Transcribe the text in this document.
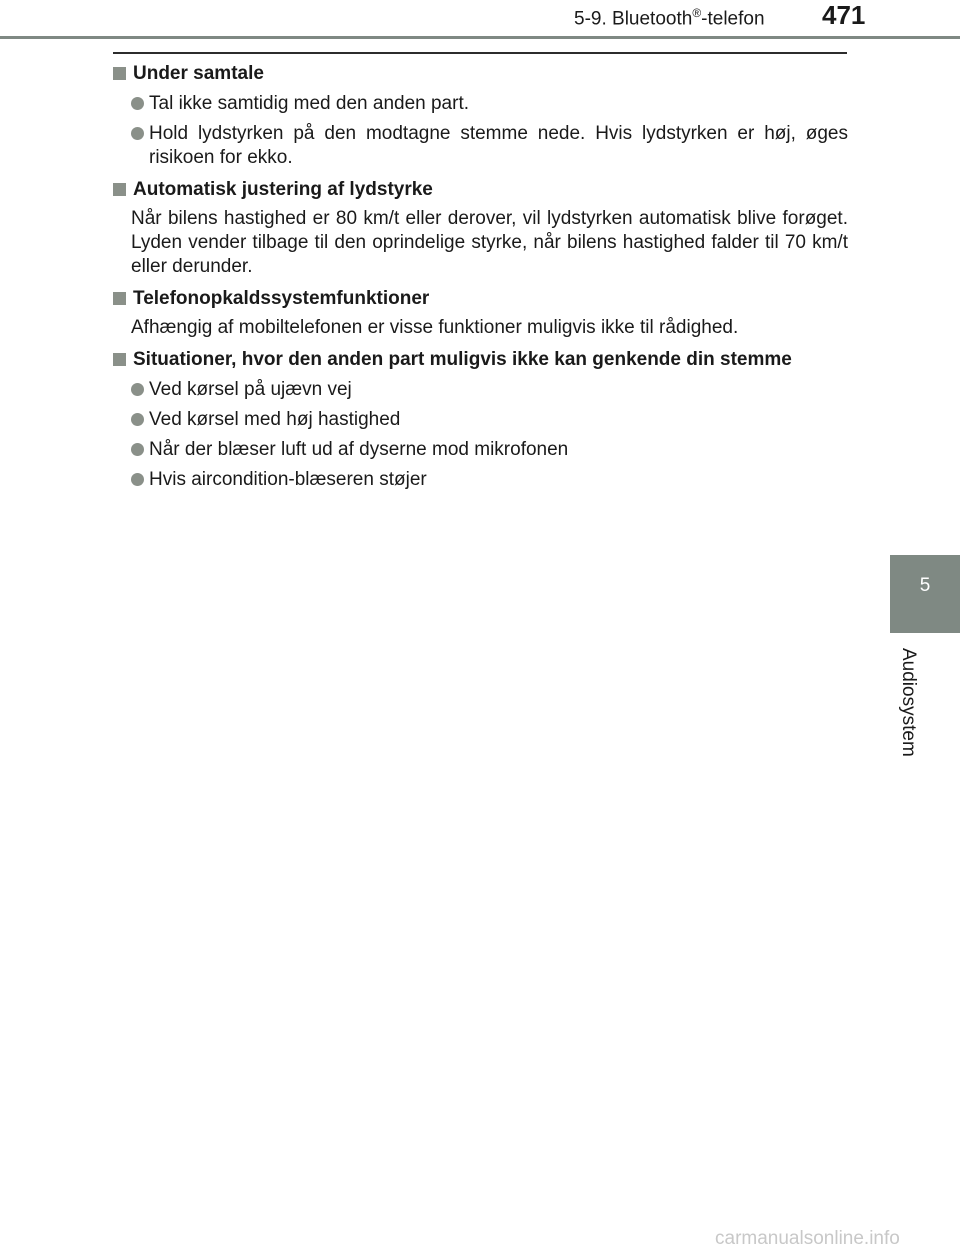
5-9. Bluetooth®-telefon 471
Under samtale
Tal ikke samtidig med den anden part.
Hold lydstyrken på den modtagne stemme nede. Hvis lydstyrken er høj, øges risikoen for ekko.
Automatisk justering af lydstyrke
Når bilens hastighed er 80 km/t eller derover, vil lydstyrken automatisk blive forøget. Lyden vender tilbage til den oprindelige styrke, når bilens hastighed falder til 70 km/t eller derunder.
Telefonopkaldssystemfunktioner
Afhængig af mobiltelefonen er visse funktioner muligvis ikke til rådighed.
Situationer, hvor den anden part muligvis ikke kan genkende din stemme
Ved kørsel på ujævn vej
Ved kørsel med høj hastighed
Når der blæser luft ud af dyserne mod mikrofonen
Hvis aircondition-blæseren støjer
5
Audiosystem
carmanualsonline.info
